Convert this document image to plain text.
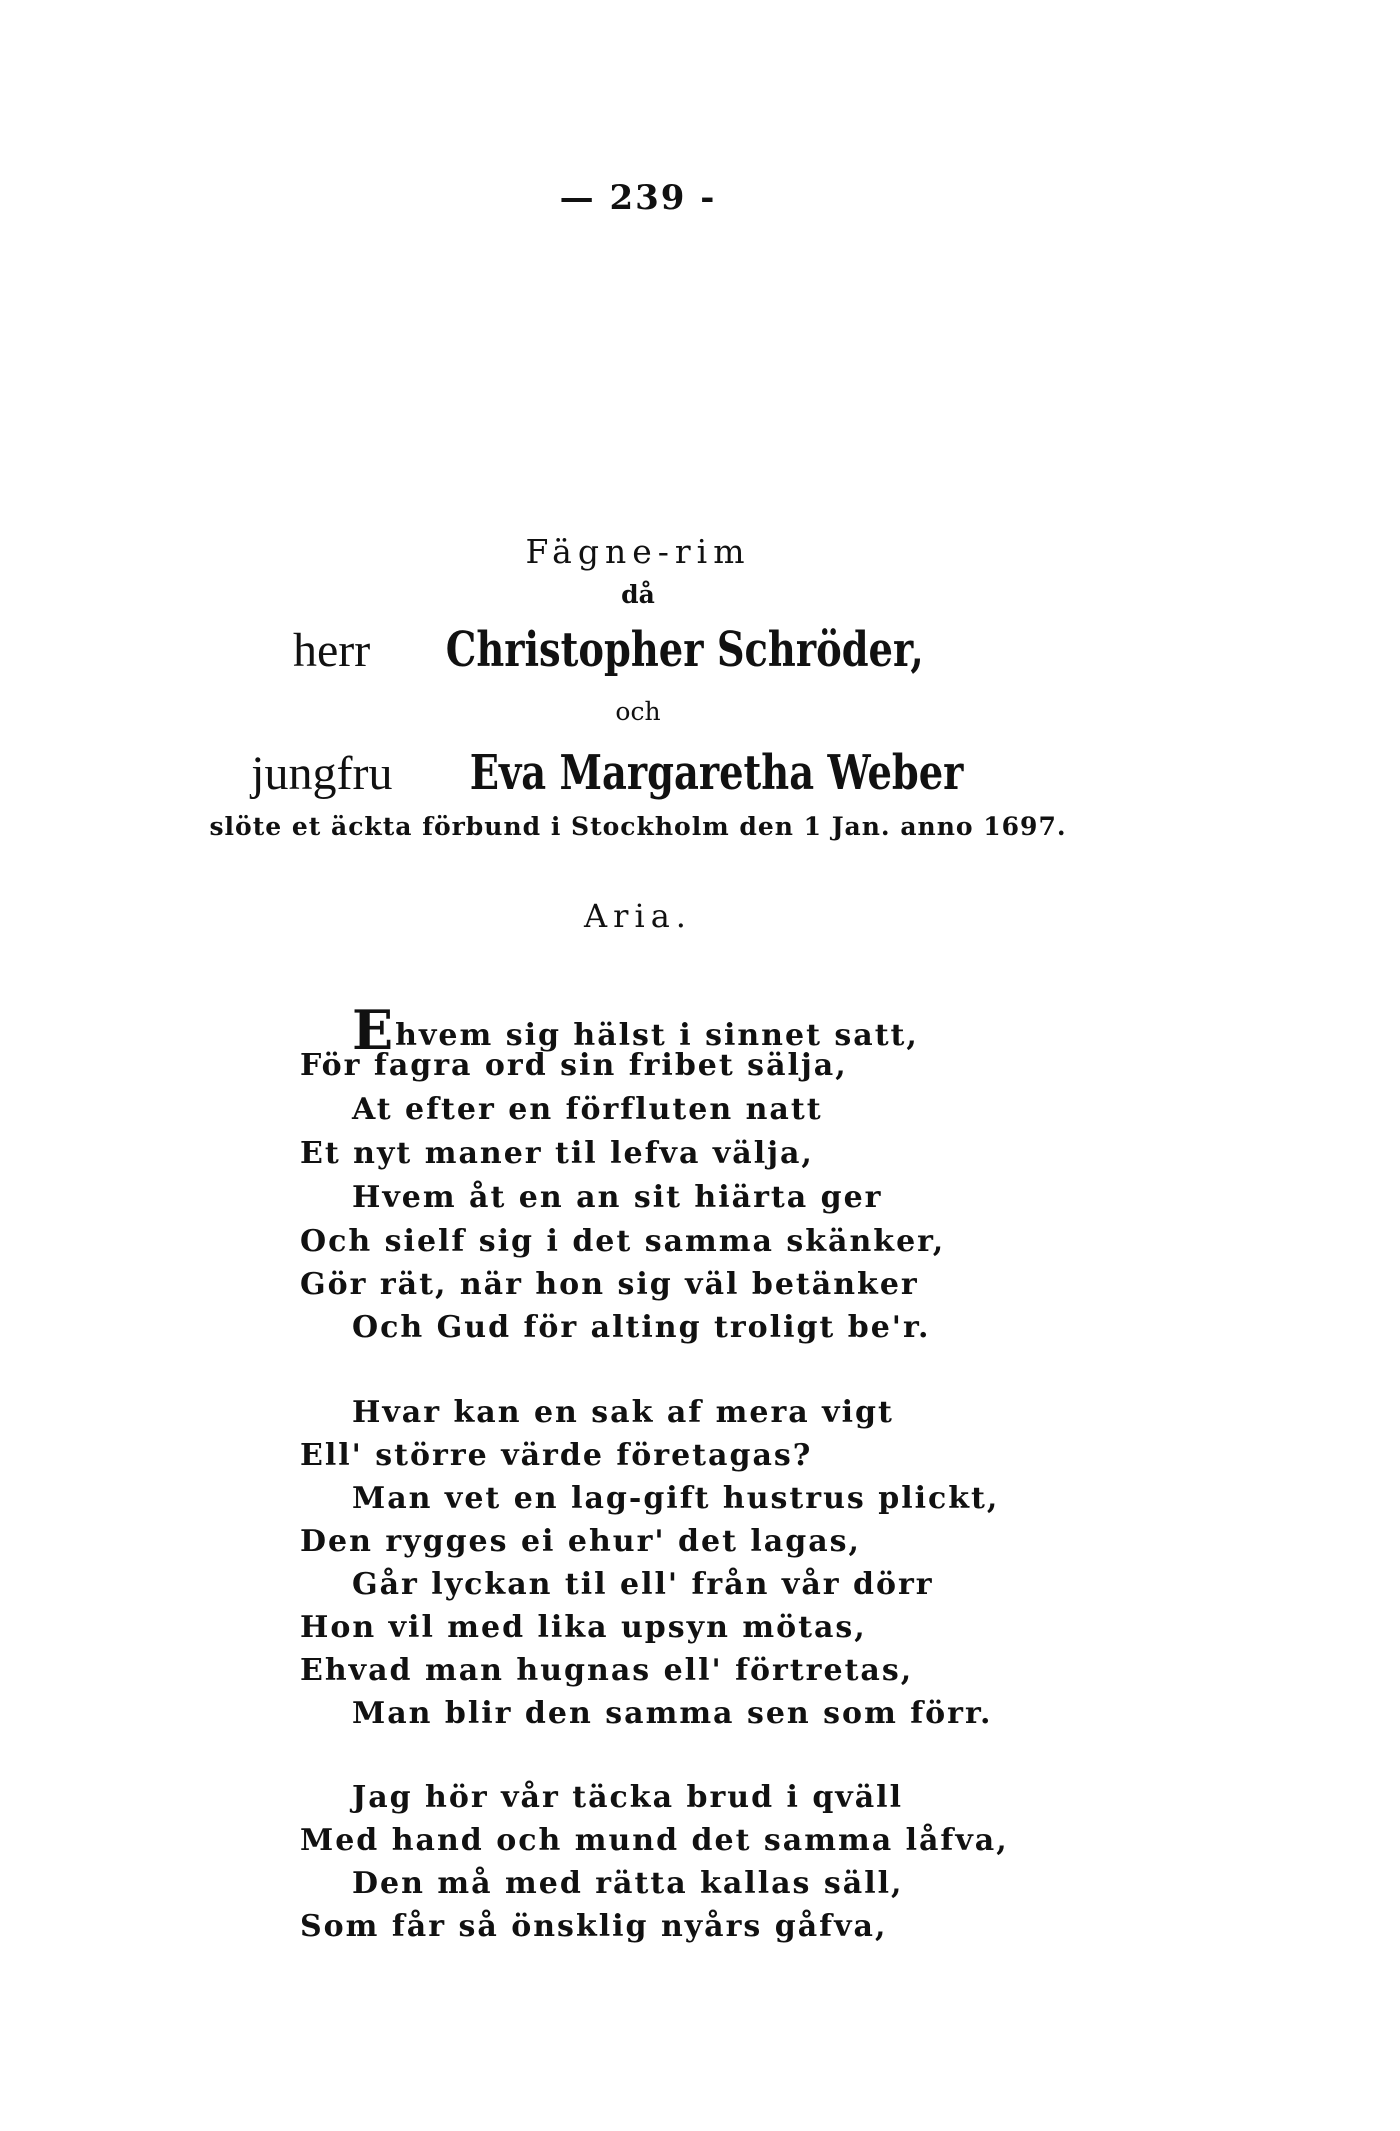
— 239 -
Fägne-rim
då
herr Christopher Schröder,
och
jungfru Eva Margaretha Weber
slöte et äckta förbund i Stockholm den 1 Jan. anno 1697.
Aria.
Ehvem sig hälst i sinnet satt,
För fagra ord sin fribet sälja,
At efter en förfluten natt
Et nyt maner til lefva välja,
Hvem åt en an sit hiärta ger
Och sielf sig i det samma skänker,
Gör rät, när hon sig väl betänker
Och Gud för alting troligt be'r.
Hvar kan en sak af mera vigt
Ell' större värde företagas?
Man vet en lag-gift hustrus plickt,
Den rygges ei ehur' det lagas,
Går lyckan til ell' från vår dörr
Hon vil med lika upsyn mötas,
Ehvad man hugnas ell' förtretas,
Man blir den samma sen som förr.
Jag hör vår täcka brud i qväll
Med hand och mund det samma låfva,
Den må med rätta kallas säll,
Som får så önsklig nyårs gåfva,
